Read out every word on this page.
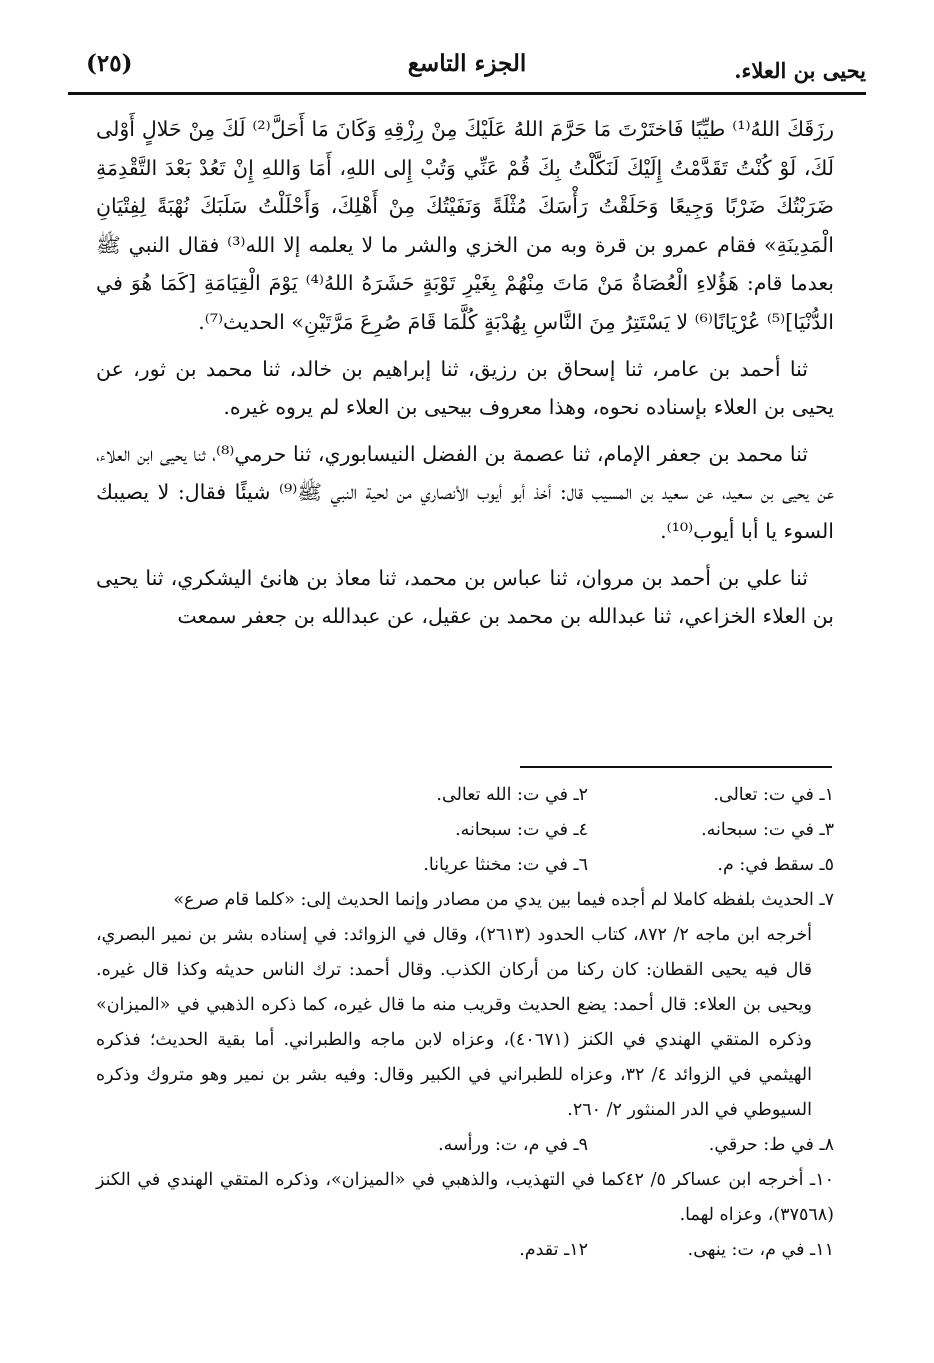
يحيى بن العلاء.
الجزء التاسع
(٢٥)

رزَقَكَ اللهُ⁽¹⁾ طيِّبًا فَاختَرْتَ مَا حَرَّمَ اللهُ عَلَيْكَ مِنْ رِزْقِهِ وَكَانَ مَا أَحَلَّ⁽²⁾ لَكَ مِنْ حَلالٍ أَوْلى لَكَ، لَوْ كُنْتُ تَقَدَّمْتُ إِلَيْكَ لَنَكَّلْتُ بِكَ قُمْ عَنِّي وَتُبْ إِلى اللهِ، أَمَا وَاللهِ إِنْ تَعُدْ بَعْدَ التَّقْدِمَةِ ضَرَبْتُكَ ضَرْبًا وَجِيعًا وَحَلَقْتُ رَأْسَكَ مُثْلَةً وَنَفَيْتُكَ مِنْ أَهْلِكَ، وَأَحْلَلْتُ سَلَبَكَ نُهْبَةً لِفِتْيَانِ الْمَدِينَةِ» فقام عمرو بن قرة وبه من الخزي والشر ما لا يعلمه إلا الله⁽³⁾ فقال النبي ﷺ بعدما قام: هَؤُلاءِ الْعُصَاةُ مَنْ مَاتَ مِنْهُمْ بِغَيْرِ تَوْبَةٍ حَشَرَهُ اللهُ⁽⁴⁾ يَوْمَ الْقِيَامَةِ [كَمَا هُوَ في الدُّنْيَا]⁽⁵⁾ عُرْيَانًا⁽⁶⁾ لا يَسْتَتِرُ مِنَ النَّاسِ بِهُدْبَةٍ كُلَّمَا قَامَ صُرِعَ مَرَّتَيْنِ» الحديث⁽⁷⁾.

ثنا أحمد بن عامر، ثنا إسحاق بن رزيق، ثنا إبراهيم بن خالد، ثنا محمد بن ثور، عن يحيى بن العلاء بإسناده نحوه، وهذا معروف بيحيى بن العلاء لم يروه غيره.

ثنا محمد بن جعفر الإمام، ثنا عصمة بن الفضل النيسابوري، ثنا حرمي⁽⁸⁾، ثنا يحيى ابن العلاء، عن يحيى بن سعيد، عن سعيد بن المسيب قال: أخذ أبو أيوب الأنصاري من لحية النبي ﷺ⁽⁹⁾ شيئًا فقال: لا يصيبك السوء يا أبا أيوب⁽¹⁰⁾.

ثنا علي بن أحمد بن مروان، ثنا عباس بن محمد، ثنا معاذ بن هانئ اليشكري، ثنا يحيى بن العلاء الخزاعي، ثنا عبدالله بن محمد بن عقيل، عن عبدالله بن جعفر سمعت

١ـ في ت: تعالى.
٢ـ في ت: الله تعالى.
٣ـ في ت: سبحانه.
٤ـ في ت: سبحانه.
٥ـ سقط في: م.
٦ـ في ت: مخنثا عريانا.
٧ـ الحديث بلفظه كاملا لم أجده فيما بين يدي من مصادر وإنما الحديث إلى: «كلما قام صرع»
أخرجه ابن ماجه ٢/ ٨٧٢، كتاب الحدود (٢٦١٣)، وقال في الزوائد: في إسناده بشر بن نمير البصري، قال فيه يحيى القطان: كان ركنا من أركان الكذب. وقال أحمد: ترك الناس حديثه وكذا قال غيره. ويحيى بن العلاء: قال أحمد: يضع الحديث وقريب منه ما قال غيره، كما ذكره الذهبي في «الميزان» وذكره المتقي الهندي في الكنز (٤٠٦٧١)، وعزاه لابن ماجه والطبراني. أما بقية الحديث؛ فذكره الهيثمي في الزوائد ٤/ ٣٢، وعزاه للطبراني في الكبير وقال: وفيه بشر بن نمير وهو متروك وذكره السيوطي في الدر المنثور ٢/ ٢٦٠.
٨ـ في ط: حرقي.
٩ـ في م، ت: ورأسه.
١٠ـ أخرجه ابن عساكر ٥/ ٤٢كما في التهذيب، والذهبي في «الميزان»، وذكره المتقي الهندي في الكنز (٣٧٥٦٨)، وعزاه لهما.
١١ـ في م، ت: ينهى.
١٢ـ تقدم.
